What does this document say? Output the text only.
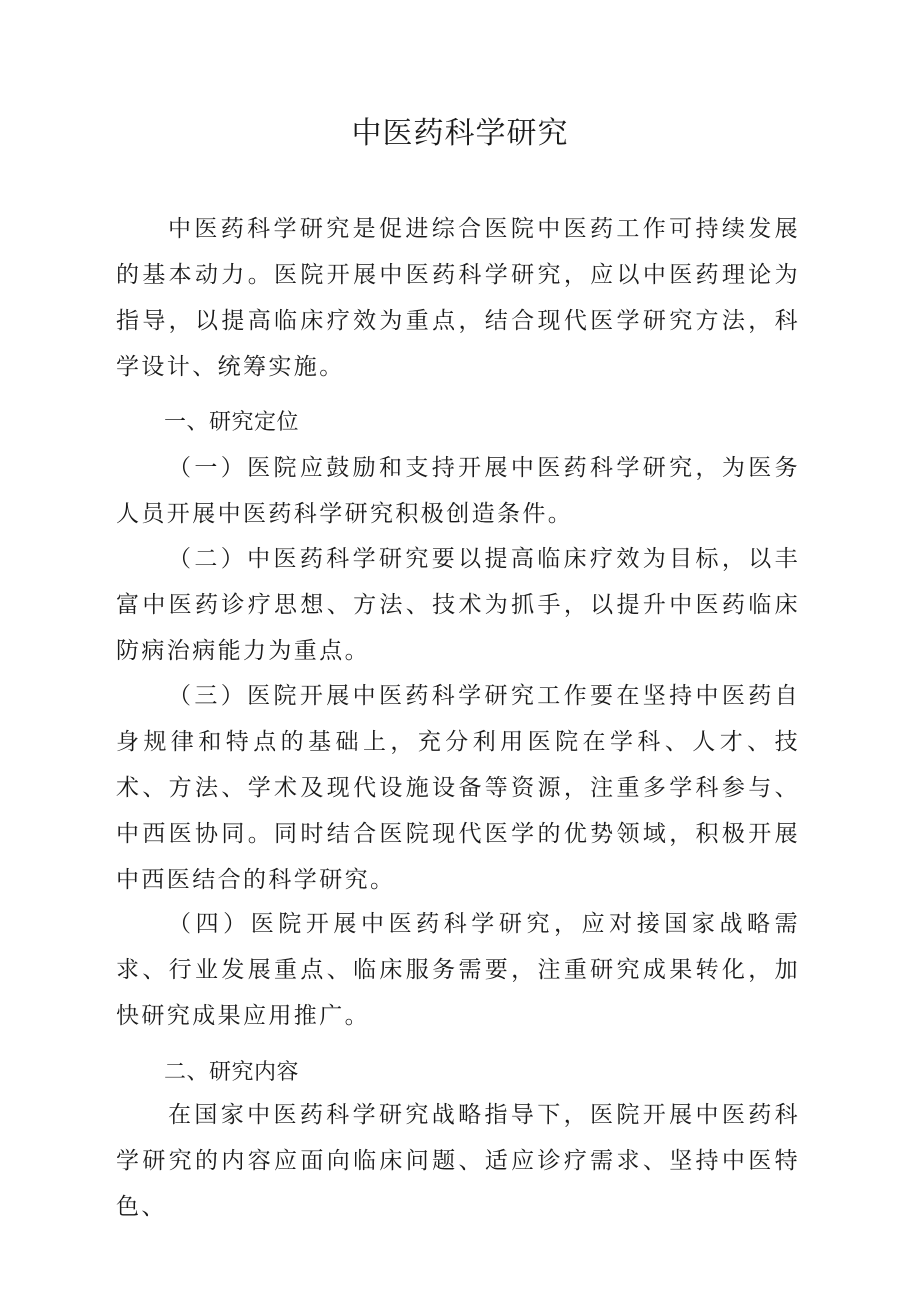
中医药科学研究

中医药科学研究是促进综合医院中医药工作可持续发展的基本动力。医院开展中医药科学研究，应以中医药理论为指导，以提高临床疗效为重点，结合现代医学研究方法，科学设计、统筹实施。

一、研究定位

（一）医院应鼓励和支持开展中医药科学研究，为医务人员开展中医药科学研究积极创造条件。

（二）中医药科学研究要以提高临床疗效为目标，以丰富中医药诊疗思想、方法、技术为抓手，以提升中医药临床防病治病能力为重点。

（三）医院开展中医药科学研究工作要在坚持中医药自身规律和特点的基础上，充分利用医院在学科、人才、技术、方法、学术及现代设施设备等资源，注重多学科参与、中西医协同。同时结合医院现代医学的优势领域，积极开展中西医结合的科学研究。

（四）医院开展中医药科学研究，应对接国家战略需求、行业发展重点、临床服务需要，注重研究成果转化，加快研究成果应用推广。

二、研究内容

在国家中医药科学研究战略指导下，医院开展中医药科学研究的内容应面向临床问题、适应诊疗需求、坚持中医特色、
